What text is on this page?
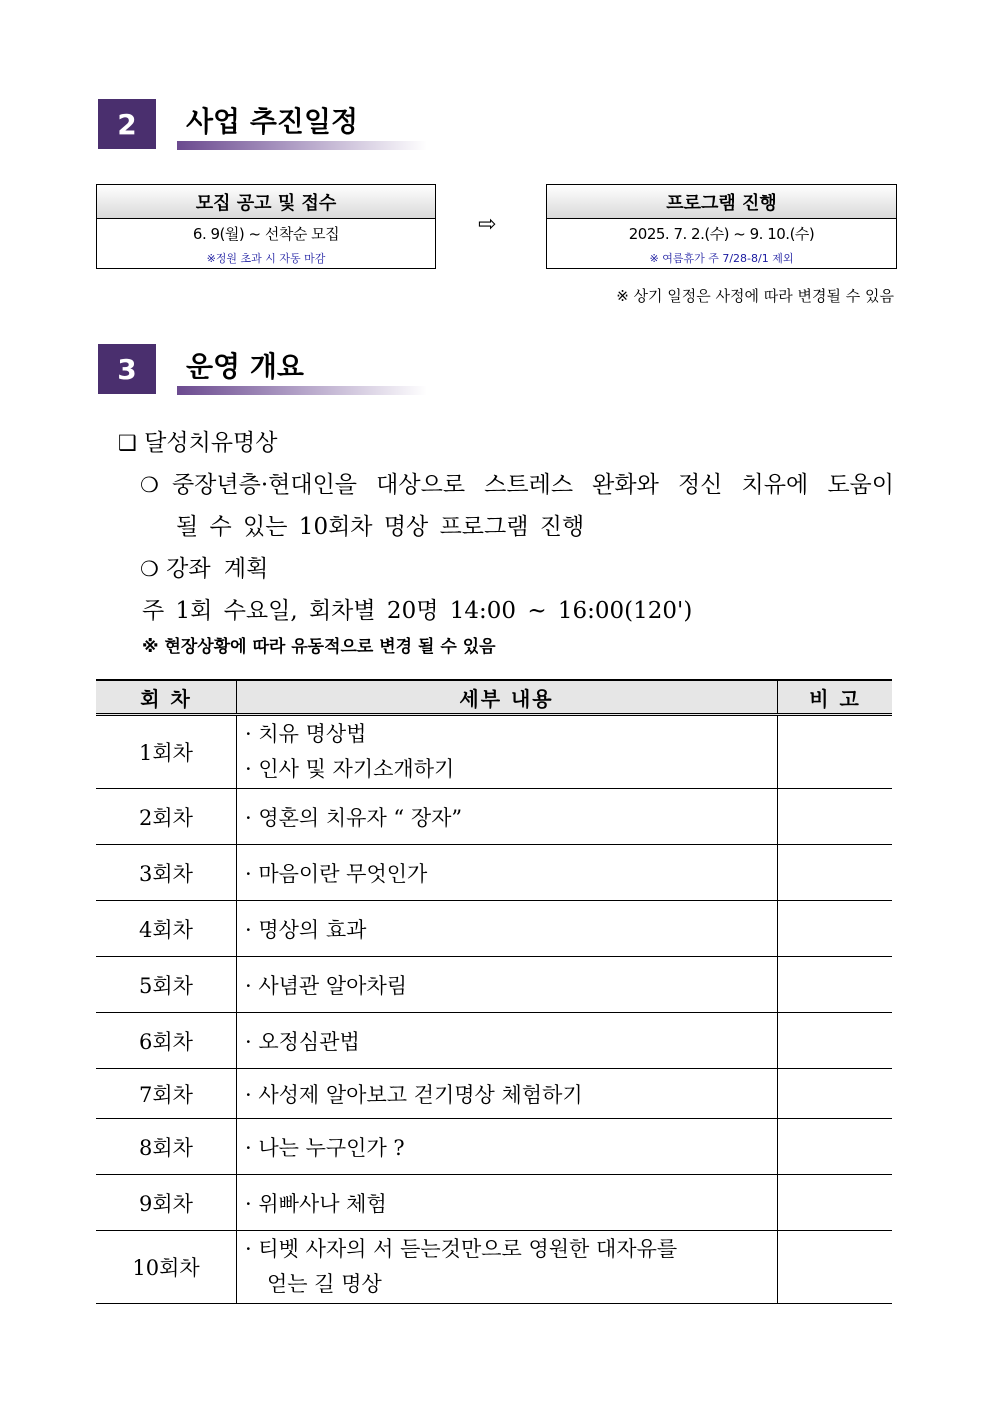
2	사업 추진일정
모집 공고 및 접수
6. 9(월) ~ 선착순 모집
※정원 초과 시 자동 마감
⇨
프로그램 진행
2025. 7. 2.(수) ~ 9. 10.(수)
※ 여름휴가 주 7/28-8/1 제외
※ 상기 일정은 사정에 따라 변경될 수 있음
3	운영 개요
❑ 달성치유명상
❍ 중장년층·현대인을 대상으로 스트레스 완화와 정신 치유에 도움이
될 수 있는 10회차 명상 프로그램 진행
❍ 강좌 계획
주 1회 수요일, 회차별 20명 14:00 ~ 16:00(120')
※ 현장상황에 따라 유동적으로 변경 될 수 있음
회 차	세부 내용	비 고
1회차	· 치유 명상법
· 인사 및 자기소개하기	

2회차	· 영혼의 치유자 “ 장자”	
3회차	· 마음이란 무엇인가	
4회차	· 명상의 효과	
5회차	· 사념관 알아차림	
6회차	· 오정심관법	
7회차	· 사성제 알아보고 걷기명상 체험하기	
8회차	· 나는 누구인가 ?	
9회차	· 위빠사나 체험	
10회차	· 티벳 사자의 서 듣는것만으로 영원한 대자유를
얻는 길 명상	
